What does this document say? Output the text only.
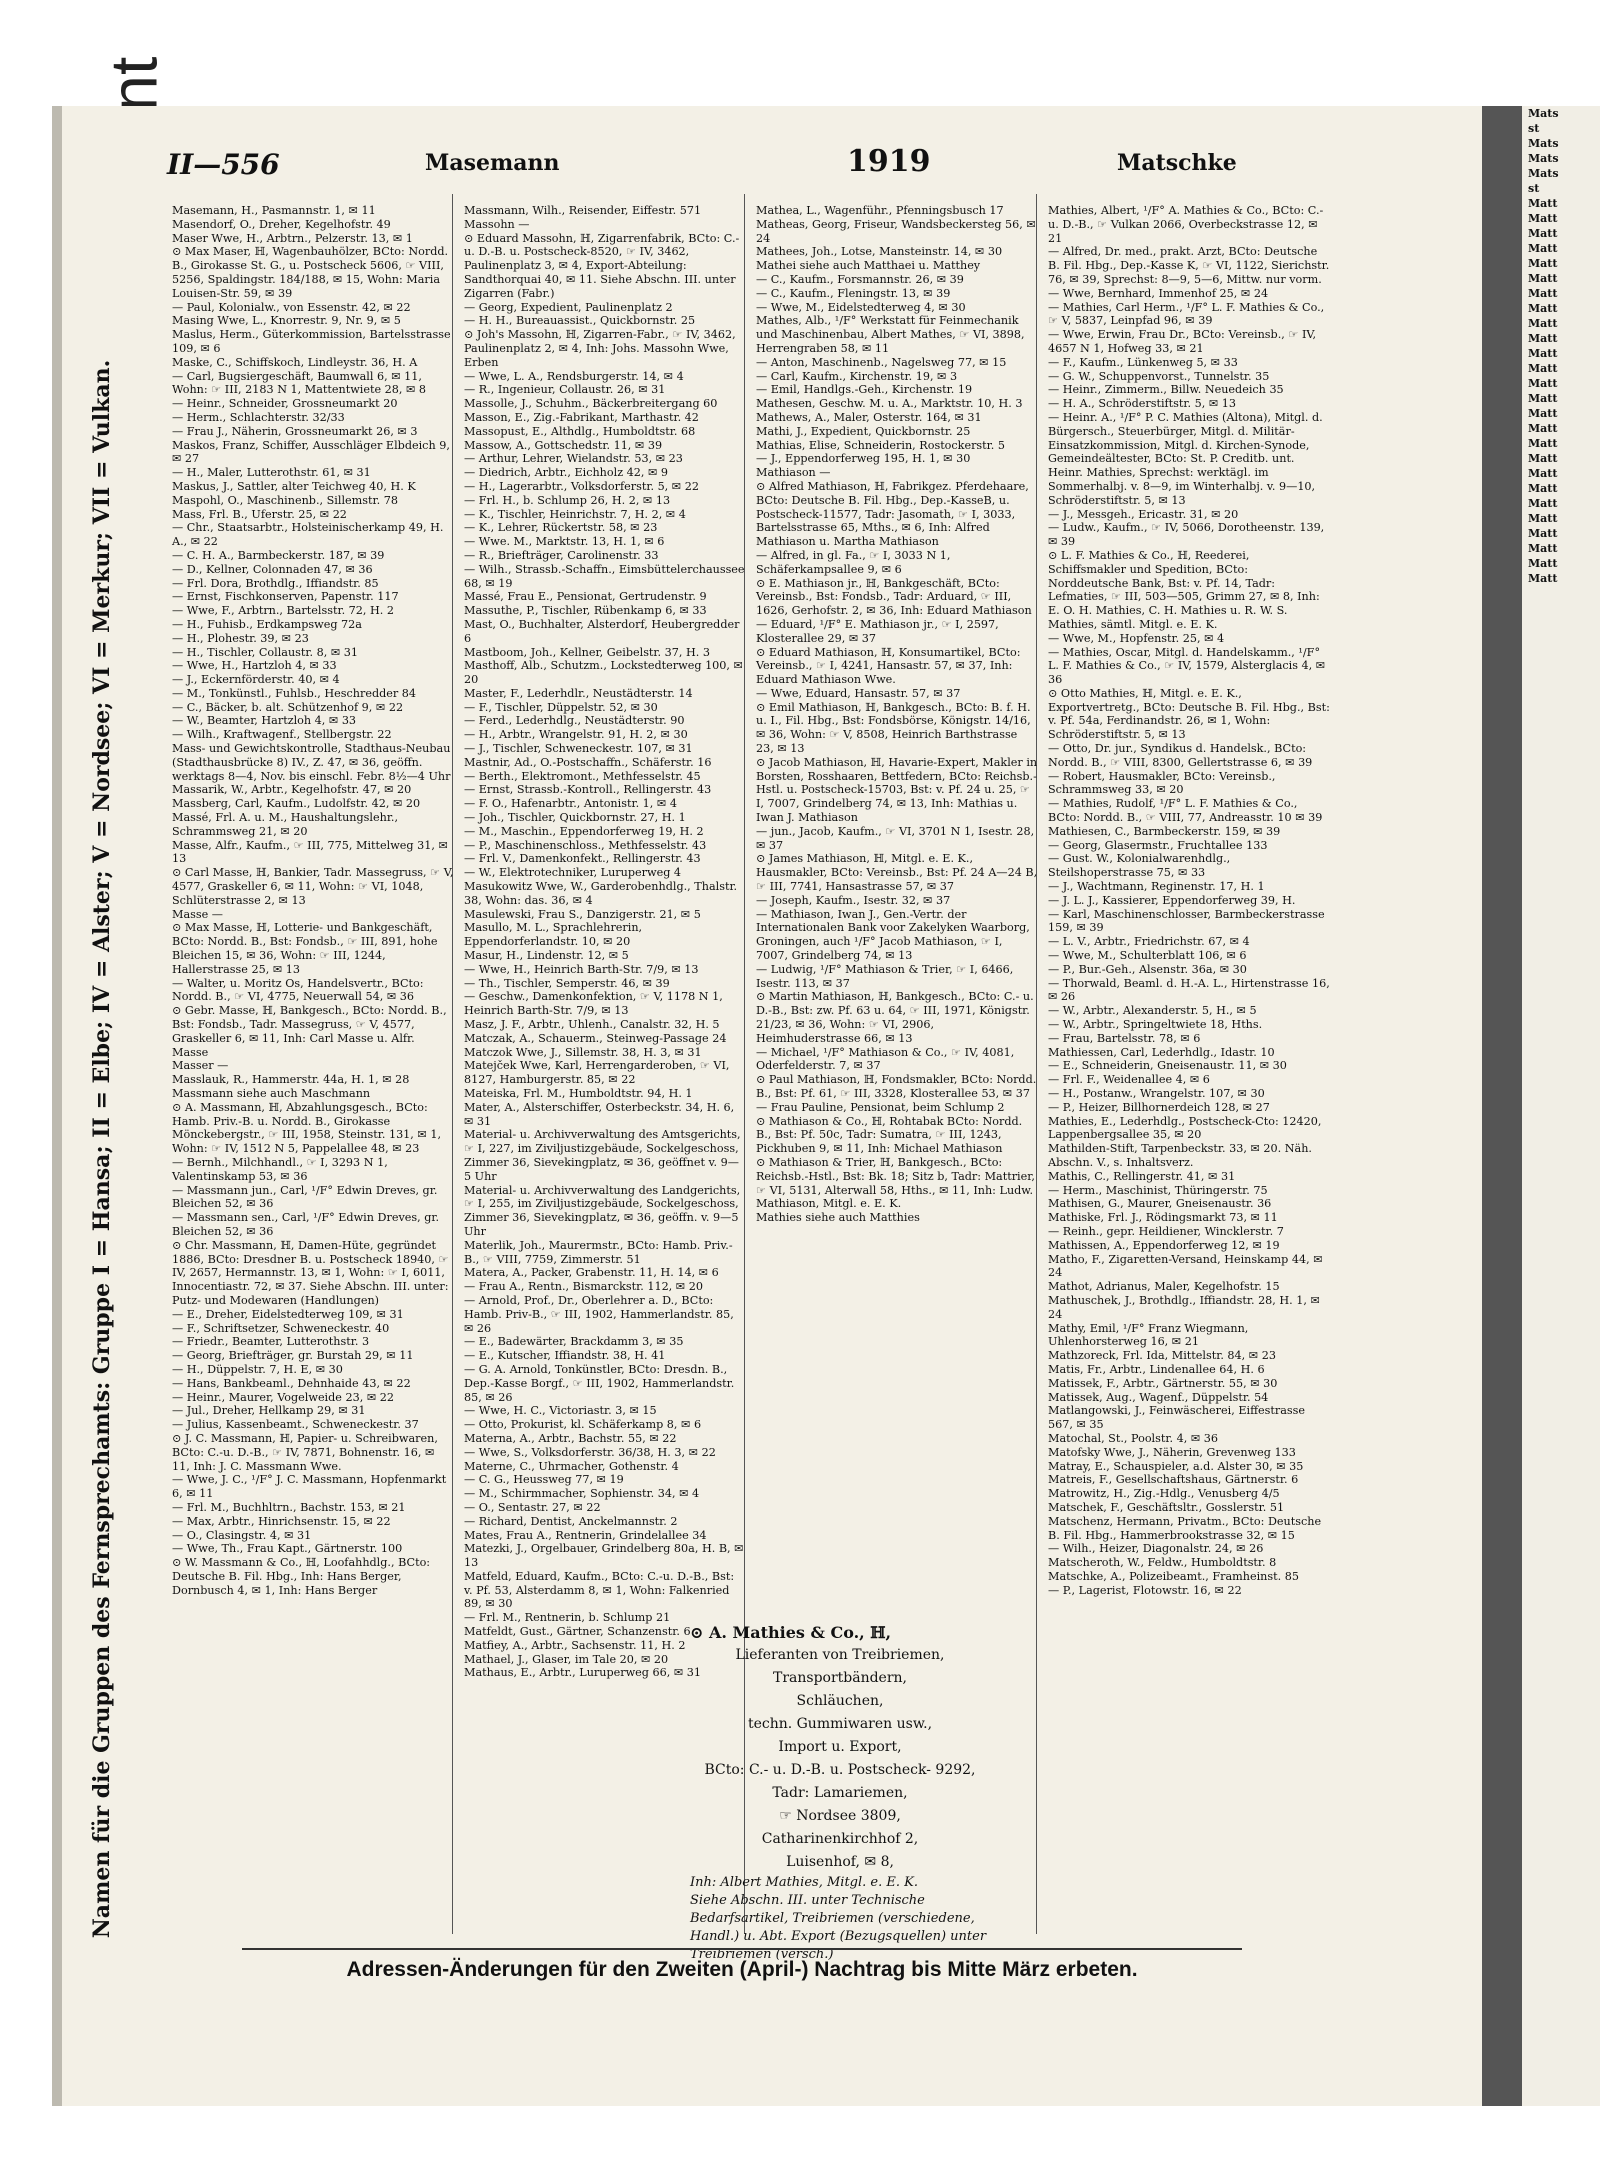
II—556	Masemann	1919	Matschke
Namen für die Gruppen des Fernsprechamts: Gruppe I = Hansa; II = Elbe; IV = Alster; V = Nordsee; VI = Merkur; VII = Vulkan.

Masemann, H., Pasmannstr. 1, ✉ 11

Masendorf, O., Dreher, Kegelhofstr. 49

Maser Wwe, H., Arbtrn., Pelzerstr. 13, ✉ 1

⊙ Max Maser, ℍ, Wagenbauhölzer, BCto: Nordd. B., Girokasse St. G., u. Postscheck 5606, ☞ VIII, 5256, Spaldingstr. 184/188, ✉ 15, Wohn: Maria Louisen-Str. 59, ✉ 39

— Paul, Kolonialw., von Essenstr. 42, ✉ 22

Masing Wwe, L., Knorrestr. 9, Nr. 9, ✉ 5

Maslus, Herm., Güterkommission, Bartelsstrasse 109, ✉ 6

Maske, C., Schiffskoch, Lindleystr. 36, H. A

— Carl, Bugsiergeschäft, Baumwall 6, ✉ 11, Wohn: ☞ III, 2183 N 1, Mattentwiete 28, ✉ 8

— Heinr., Schneider, Grossneumarkt 20

— Herm., Schlachterstr. 32/33

— Frau J., Näherin, Grossneumarkt 26, ✉ 3

Maskos, Franz, Schiffer, Ausschläger Elbdeich 9, ✉ 27

— H., Maler, Lutterothstr. 61, ✉ 31

Maskus, J., Sattler, alter Teichweg 40, H. K

Maspohl, O., Maschinenb., Sillemstr. 78

Mass, Frl. B., Uferstr. 25, ✉ 22

— Chr., Staatsarbtr., Holsteinischerkamp 49, H. A., ✉ 22

— C. H. A., Barmbeckerstr. 187, ✉ 39

— D., Kellner, Colonnaden 47, ✉ 36

— Frl. Dora, Brothdlg., Iffiandstr. 85

— Ernst, Fischkonserven, Papenstr. 117

— Wwe, F., Arbtrn., Bartelsstr. 72, H. 2

— H., Fuhisb., Erdkampsweg 72a

— H., Plohestr. 39, ✉ 23

— H., Tischler, Collaustr. 8, ✉ 31

— Wwe, H., Hartzloh 4, ✉ 33

— J., Eckernförderstr. 40, ✉ 4

— M., Tonkünstl., Fuhlsb., Heschredder 84

— C., Bäcker, b. alt. Schützenhof 9, ✉ 22

— W., Beamter, Hartzloh 4, ✉ 33

— Wilh., Kraftwagenf., Stellbergstr. 22

Mass- und Gewichtskontrolle, Stadthaus-Neubau (Stadthausbrücke 8) IV., Z. 47, ✉ 36, geöffn. werktags 8—4, Nov. bis einschl. Febr. 8½—4 Uhr

Massarik, W., Arbtr., Kegelhofstr. 47, ✉ 20

Massberg, Carl, Kaufm., Ludolfstr. 42, ✉ 20

Massé, Frl. A. u. M., Haushaltungslehr., Schrammsweg 21, ✉ 20

Masse, Alfr., Kaufm., ☞ III, 775, Mittelweg 31, ✉ 13

⊙ Carl Masse, ℍ, Bankier, Tadr. Massegruss, ☞ V, 4577, Graskeller 6, ✉ 11, Wohn: ☞ VI, 1048, Schlüterstrasse 2, ✉ 13

Masse —

⊙ Max Masse, ℍ, Lotterie- und Bankgeschäft, BCto: Nordd. B., Bst: Fondsb., ☞ III, 891, hohe Bleichen 15, ✉ 36, Wohn: ☞ III, 1244, Hallerstrasse 25, ✉ 13

— Walter, u. Moritz Os, Handelsvertr., BCto: Nordd. B., ☞ VI, 4775, Neuerwall 54, ✉ 36

⊙ Gebr. Masse, ℍ, Bankgesch., BCto: Nordd. B., Bst: Fondsb., Tadr. Massegruss, ☞ V, 4577, Graskeller 6, ✉ 11, Inh: Carl Masse u. Alfr. Masse

Masser —

Masslauk, R., Hammerstr. 44a, H. 1, ✉ 28

Massmann siehe auch Maschmann

⊙ A. Massmann, ℍ, Abzahlungsgesch., BCto: Hamb. Priv.-B. u. Nordd. B., Girokasse Mönckebergstr., ☞ III, 1958, Steinstr. 131, ✉ 1, Wohn: ☞ IV, 1512 N 5, Pappelallee 48, ✉ 23

— Bernh., Milchhandl., ☞ I, 3293 N 1, Valentinskamp 53, ✉ 36

— Massmann jun., Carl, ¹/F° Edwin Dreves, gr. Bleichen 52, ✉ 36

— Massmann sen., Carl, ¹/F° Edwin Dreves, gr. Bleichen 52, ✉ 36

⊙ Chr. Massmann, ℍ, Damen-Hüte, gegründet 1886, BCto: Dresdner B. u. Postscheck 18940, ☞ IV, 2657, Hermannstr. 13, ✉ 1, Wohn: ☞ I, 6011, Innocentiastr. 72, ✉ 37. Siehe Abschn. III. unter: Putz- und Modewaren (Handlungen)

— E., Dreher, Eidelstedterweg 109, ✉ 31

— F., Schriftsetzer, Schweneckestr. 40

— Friedr., Beamter, Lutterothstr. 3

— Georg, Briefträger, gr. Burstah 29, ✉ 11

— H., Düppelstr. 7, H. E, ✉ 30

— Hans, Bankbeaml., Dehnhaide 43, ✉ 22

— Heinr., Maurer, Vogelweide 23, ✉ 22

— Jul., Dreher, Hellkamp 29, ✉ 31

— Julius, Kassenbeamt., Schweneckestr. 37

⊙ J. C. Massmann, ℍ, Papier- u. Schreibwaren, BCto: C.-u. D.-B., ☞ IV, 7871, Bohnenstr. 16, ✉ 11, Inh: J. C. Massmann Wwe.

— Wwe, J. C., ¹/F° J. C. Massmann, Hopfenmarkt 6, ✉ 11

— Frl. M., Buchhltrn., Bachstr. 153, ✉ 21

— Max, Arbtr., Hinrichsenstr. 15, ✉ 22

— O., Clasingstr. 4, ✉ 31

— Wwe, Th., Frau Kapt., Gärtnerstr. 100

⊙ W. Massmann & Co., ℍ, Loofahhdlg., BCto: Deutsche B. Fil. Hbg., Inh: Hans Berger, Dornbusch 4, ✉ 1, Inh: Hans Berger

Massmann, Wilh., Reisender, Eiffestr. 571

Massohn —

⊙ Eduard Massohn, ℍ, Zigarrenfabrik, BCto: C.- u. D.-B. u. Postscheck-8520, ☞ IV, 3462, Paulinenplatz 3, ✉ 4, Export-Abteilung: Sandthorquai 40, ✉ 11. Siehe Abschn. III. unter Zigarren (Fabr.)

— Georg, Expedient, Paulinenplatz 2

— H. H., Bureauassist., Quickbornstr. 25

⊙ Joh's Massohn, ℍ, Zigarren-Fabr., ☞ IV, 3462, Paulinenplatz 2, ✉ 4, Inh: Johs. Massohn Wwe, Erben

— Wwe, L. A., Rendsburgerstr. 14, ✉ 4

— R., Ingenieur, Collaustr. 26, ✉ 31

Massolle, J., Schuhm., Bäckerbreitergang 60

Masson, E., Zig.-Fabrikant, Marthastr. 42

Massopust, E., Althdlg., Humboldtstr. 68

Massow, A., Gottschedstr. 11, ✉ 39

— Arthur, Lehrer, Wielandstr. 53, ✉ 23

— Diedrich, Arbtr., Eichholz 42, ✉ 9

— H., Lagerarbtr., Volksdorferstr. 5, ✉ 22

— Frl. H., b. Schlump 26, H. 2, ✉ 13

— K., Tischler, Heinrichstr. 7, H. 2, ✉ 4

— K., Lehrer, Rückertstr. 58, ✉ 23

— Wwe. M., Marktstr. 13, H. 1, ✉ 6

— R., Briefträger, Carolinenstr. 33

— Wilh., Strassb.-Schaffn., Eimsbüttelerchaussee 68, ✉ 19

Massé, Frau E., Pensionat, Gertrudenstr. 9

Massuthe, P., Tischler, Rübenkamp 6, ✉ 33

Mast, O., Buchhalter, Alsterdorf, Heubergredder 6

Mastboom, Joh., Kellner, Geibelstr. 37, H. 3

Masthoff, Alb., Schutzm., Lockstedterweg 100, ✉ 20

Master, F., Lederhdlr., Neustädterstr. 14

— F., Tischler, Düppelstr. 52, ✉ 30

— Ferd., Lederhdlg., Neustädterstr. 90

— H., Arbtr., Wrangelstr. 91, H. 2, ✉ 30

— J., Tischler, Schweneckestr. 107, ✉ 31

Mastnir, Ad., O.-Postschaffn., Schäferstr. 16

— Berth., Elektromont., Methfesselstr. 45

— Ernst, Strassb.-Kontroll., Rellingerstr. 43

— F. O., Hafenarbtr., Antonistr. 1, ✉ 4

— Joh., Tischler, Quickbornstr. 27, H. 1

— M., Maschin., Eppendorferweg 19, H. 2

— P., Maschinenschloss., Methfesselstr. 43

— Frl. V., Damenkonfekt., Rellingerstr. 43

— W., Elektrotechniker, Luruperweg 4

Masukowitz Wwe, W., Garderobenhdlg., Thalstr. 38, Wohn: das. 36, ✉ 4

Masulewski, Frau S., Danzigerstr. 21, ✉ 5

Masullo, M. L., Sprachlehrerin, Eppendorferlandstr. 10, ✉ 20

Masur, H., Lindenstr. 12, ✉ 5

— Wwe, H., Heinrich Barth-Str. 7/9, ✉ 13

— Th., Tischler, Semperstr. 46, ✉ 39

— Geschw., Damenkonfektion, ☞ V, 1178 N 1, Heinrich Barth-Str. 7/9, ✉ 13

Masz, J. F., Arbtr., Uhlenh., Canalstr. 32, H. 5

Matczak, A., Schauerm., Steinweg-Passage 24

Matczok Wwe, J., Sillemstr. 38, H. 3, ✉ 31

Matejček Wwe, Karl, Herrengarderoben, ☞ VI, 8127, Hamburgerstr. 85, ✉ 22

Mateiska, Frl. M., Humboldtstr. 94, H. 1

Mater, A., Alsterschiffer, Osterbeckstr. 34, H. 6, ✉ 31

Material- u. Archivverwaltung des Amtsgerichts, ☞ I, 227, im Ziviljustizgebäude, Sockelgeschoss, Zimmer 36, Sievekingplatz, ✉ 36, geöffnet v. 9—5 Uhr

Material- u. Archivverwaltung des Landgerichts, ☞ I, 255, im Ziviljustizgebäude, Sockelgeschoss, Zimmer 36, Sievekingplatz, ✉ 36, geöffn. v. 9—5 Uhr

Materlik, Joh., Maurermstr., BCto: Hamb. Priv.-B., ☞ VIII, 7759, Zimmerstr. 51

Matera, A., Packer, Grabenstr. 11, H. 14, ✉ 6

— Frau A., Rentn., Bismarckstr. 112, ✉ 20

— Arnold, Prof., Dr., Oberlehrer a. D., BCto: Hamb. Priv-B., ☞ III, 1902, Hammerlandstr. 85, ✉ 26

— E., Badewärter, Brackdamm 3, ✉ 35

— E., Kutscher, Iffiandstr. 38, H. 41

— G. A. Arnold, Tonkünstler, BCto: Dresdn. B., Dep.-Kasse Borgf., ☞ III, 1902, Hammerlandstr. 85, ✉ 26

— Wwe, H. C., Victoriastr. 3, ✉ 15

— Otto, Prokurist, kl. Schäferkamp 8, ✉ 6

Materna, A., Arbtr., Bachstr. 55, ✉ 22

— Wwe, S., Volksdorferstr. 36/38, H. 3, ✉ 22

Materne, C., Uhrmacher, Gothenstr. 4

— C. G., Heussweg 77, ✉ 19

— M., Schirmmacher, Sophienstr. 34, ✉ 4

— O., Sentastr. 27, ✉ 22

— Richard, Dentist, Anckelmannstr. 2

Mates, Frau A., Rentnerin, Grindelallee 34

Matezki, J., Orgelbauer, Grindelberg 80a, H. B, ✉ 13

Matfeld, Eduard, Kaufm., BCto: C.-u. D.-B., Bst: v. Pf. 53, Alsterdamm 8, ✉ 1, Wohn: Falkenried 89, ✉ 30

— Frl. M., Rentnerin, b. Schlump 21

Matfeldt, Gust., Gärtner, Schanzenstr. 6

Matfiey, A., Arbtr., Sachsenstr. 11, H. 2

Mathael, J., Glaser, im Tale 20, ✉ 20

Mathaus, E., Arbtr., Luruperweg 66, ✉ 31

Mathea, L., Wagenführ., Pfenningsbusch 17

Matheas, Georg, Friseur, Wandsbeckersteg 56, ✉ 24

Mathees, Joh., Lotse, Mansteinstr. 14, ✉ 30

Mathei siehe auch Matthaei u. Matthey

— C., Kaufm., Forsmannstr. 26, ✉ 39

— C., Kaufm., Fleningstr. 13, ✉ 39

— Wwe, M., Eidelstedterweg 4, ✉ 30

Mathes, Alb., ¹/F° Werkstatt für Feinmechanik und Maschinenbau, Albert Mathes, ☞ VI, 3898, Herrengraben 58, ✉ 11

— Anton, Maschinenb., Nagelsweg 77, ✉ 15

— Carl, Kaufm., Kirchenstr. 19, ✉ 3

— Emil, Handlgs.-Geh., Kirchenstr. 19

Mathesen, Geschw. M. u. A., Marktstr. 10, H. 3

Mathews, A., Maler, Osterstr. 164, ✉ 31

Mathi, J., Expedient, Quickbornstr. 25

Mathias, Elise, Schneiderin, Rostockerstr. 5

— J., Eppendorferweg 195, H. 1, ✉ 30

Mathiason —

⊙ Alfred Mathiason, ℍ, Fabrikgez. Pferdehaare, BCto: Deutsche B. Fil. Hbg., Dep.-KasseB, u. Postscheck-11577, Tadr: Jasomath, ☞ I, 3033, Bartelsstrasse 65, Mths., ✉ 6, Inh: Alfred Mathiason u. Martha Mathiason

— Alfred, in gl. Fa., ☞ I, 3033 N 1, Schäferkampsallee 9, ✉ 6

⊙ E. Mathiason jr., ℍ, Bankgeschäft, BCto: Vereinsb., Bst: Fondsb., Tadr: Arduard, ☞ III, 1626, Gerhofstr. 2, ✉ 36, Inh: Eduard Mathiason

— Eduard, ¹/F° E. Mathiason jr., ☞ I, 2597, Klosterallee 29, ✉ 37

⊙ Eduard Mathiason, ℍ, Konsumartikel, BCto: Vereinsb., ☞ I, 4241, Hansastr. 57, ✉ 37, Inh: Eduard Mathiason Wwe.

— Wwe, Eduard, Hansastr. 57, ✉ 37

⊙ Emil Mathiason, ℍ, Bankgesch., BCto: B. f. H. u. I., Fil. Hbg., Bst: Fondsbörse, Königstr. 14/16, ✉ 36, Wohn: ☞ V, 8508, Heinrich Barthstrasse 23, ✉ 13

⊙ Jacob Mathiason, ℍ, Havarie-Expert, Makler in Borsten, Rosshaaren, Bettfedern, BCto: Reichsb.-Hstl. u. Postscheck-15703, Bst: v. Pf. 24 u. 25, ☞ I, 7007, Grindelberg 74, ✉ 13, Inh: Mathias u. Iwan J. Mathiason

— jun., Jacob, Kaufm., ☞ VI, 3701 N 1, Isestr. 28, ✉ 37

⊙ James Mathiason, ℍ, Mitgl. e. E. K., Hausmakler, BCto: Vereinsb., Bst: Pf. 24 A—24 B, ☞ III, 7741, Hansastrasse 57, ✉ 37

— Joseph, Kaufm., Isestr. 32, ✉ 37

— Mathiason, Iwan J., Gen.-Vertr. der Internationalen Bank voor Zakelyken Waarborg, Groningen, auch ¹/F° Jacob Mathiason, ☞ I, 7007, Grindelberg 74, ✉ 13

— Ludwig, ¹/F° Mathiason & Trier, ☞ I, 6466, Isestr. 113, ✉ 37

⊙ Martin Mathiason, ℍ, Bankgesch., BCto: C.- u. D.-B., Bst: zw. Pf. 63 u. 64, ☞ III, 1971, Königstr. 21/23, ✉ 36, Wohn: ☞ VI, 2906, Heimhuderstrasse 66, ✉ 13

— Michael, ¹/F° Mathiason & Co., ☞ IV, 4081, Oderfelderstr. 7, ✉ 37

⊙ Paul Mathiason, ℍ, Fondsmakler, BCto: Nordd. B., Bst: Pf. 61, ☞ III, 3328, Klosterallee 53, ✉ 37

— Frau Pauline, Pensionat, beim Schlump 2

⊙ Mathiason & Co., ℍ, Rohtabak BCto: Nordd. B., Bst: Pf. 50c, Tadr: Sumatra, ☞ III, 1243, Pickhuben 9, ✉ 11, Inh: Michael Mathiason

⊙ Mathiason & Trier, ℍ, Bankgesch., BCto: Reichsb.-Hstl., Bst: Bk. 18; Sitz b, Tadr: Mattrier, ☞ VI, 5131, Alterwall 58, Hths., ✉ 11, Inh: Ludw. Mathiason, Mitgl. e. E. K.

Mathies siehe auch Matthies

Mathies, Albert, ¹/F° A. Mathies & Co., BCto: C.- u. D.-B., ☞ Vulkan 2066, Overbeckstrasse 12, ✉ 21

— Alfred, Dr. med., prakt. Arzt, BCto: Deutsche B. Fil. Hbg., Dep.-Kasse K, ☞ VI, 1122, Sierichstr. 76, ✉ 39, Sprechst: 8—9, 5—6, Mittw. nur vorm.

— Wwe, Bernhard, Immenhof 25, ✉ 24

— Mathies, Carl Herm., ¹/F° L. F. Mathies & Co., ☞ V, 5837, Leinpfad 96, ✉ 39

— Wwe, Erwin, Frau Dr., BCto: Vereinsb., ☞ IV, 4657 N 1, Hofweg 33, ✉ 21

— F., Kaufm., Lünkenweg 5, ✉ 33

— G. W., Schuppenvorst., Tunnelstr. 35

— Heinr., Zimmerm., Billw. Neuedeich 35

— H. A., Schröderstiftstr. 5, ✉ 13

— Heinr. A., ¹/F° P. C. Mathies (Altona), Mitgl. d. Bürgersch., Steuerbürger, Mitgl. d. Militär-Einsatzkommission, Mitgl. d. Kirchen-Synode, Gemeindeältester, BCto: St. P. Creditb. unt. Heinr. Mathies, Sprechst: werktägl. im Sommerhalbj. v. 8—9, im Winterhalbj. v. 9—10, Schröderstiftstr. 5, ✉ 13

— J., Messgeh., Ericastr. 31, ✉ 20

— Ludw., Kaufm., ☞ IV, 5066, Dorotheenstr. 139, ✉ 39

⊙ L. F. Mathies & Co., ℍ, Reederei, Schiffsmakler und Spedition, BCto: Norddeutsche Bank, Bst: v. Pf. 14, Tadr: Lefmaties, ☞ III, 503—505, Grimm 27, ✉ 8, Inh: E. O. H. Mathies, C. H. Mathies u. R. W. S. Mathies, sämtl. Mitgl. e. E. K.

— Wwe, M., Hopfenstr. 25, ✉ 4

— Mathies, Oscar, Mitgl. d. Handelskamm., ¹/F° L. F. Mathies & Co., ☞ IV, 1579, Alsterglacis 4, ✉ 36

⊙ Otto Mathies, ℍ, Mitgl. e. E. K., Exportvertretg., BCto: Deutsche B. Fil. Hbg., Bst: v. Pf. 54a, Ferdinandstr. 26, ✉ 1, Wohn: Schröderstiftstr. 5, ✉ 13

— Otto, Dr. jur., Syndikus d. Handelsk., BCto: Nordd. B., ☞ VIII, 8300, Gellertstrasse 6, ✉ 39

— Robert, Hausmakler, BCto: Vereinsb., Schrammsweg 33, ✉ 20

— Mathies, Rudolf, ¹/F° L. F. Mathies & Co., BCto: Nordd. B., ☞ VIII, 77, Andreasstr. 10 ✉ 39

Mathiesen, C., Barmbeckerstr. 159, ✉ 39

— Georg, Glasermstr., Fruchtallee 133

— Gust. W., Kolonialwarenhdlg., Steilshoperstrasse 75, ✉ 33

— J., Wachtmann, Reginenstr. 17, H. 1

— J. L. J., Kassierer, Eppendorferweg 39, H.

— Karl, Maschinenschlosser, Barmbeckerstrasse 159, ✉ 39

— L. V., Arbtr., Friedrichstr. 67, ✉ 4

— Wwe, M., Schulterblatt 106, ✉ 6

— P., Bur.-Geh., Alsenstr. 36a, ✉ 30

— Thorwald, Beaml. d. H.-A. L., Hirtenstrasse 16, ✉ 26

— W., Arbtr., Alexanderstr. 5, H., ✉ 5

— W., Arbtr., Springeltwiete 18, Hths.

— Frau, Bartelsstr. 78, ✉ 6

Mathiessen, Carl, Lederhdlg., Idastr. 10

— E., Schneiderin, Gneisenaustr. 11, ✉ 30

— Frl. F., Weidenallee 4, ✉ 6

— H., Postanw., Wrangelstr. 107, ✉ 30

— P., Heizer, Billhornerdeich 128, ✉ 27

Mathies, E., Lederhdlg., Postscheck-Cto: 12420, Lappenbergsallee 35, ✉ 20

Mathilden-Stift, Tarpenbeckstr. 33, ✉ 20. Näh. Abschn. V., s. Inhaltsverz.

Mathis, C., Rellingerstr. 41, ✉ 31

— Herm., Maschinist, Thüringerstr. 75

Mathisen, G., Maurer, Gneisenaustr. 36

Mathiske, Frl. J., Rödingsmarkt 73, ✉ 11

— Reinh., gepr. Heildiener, Wincklerstr. 7

Mathissen, A., Eppendorferweg 12, ✉ 19

Matho, F., Zigaretten-Versand, Heinskamp 44, ✉ 24

Mathot, Adrianus, Maler, Kegelhofstr. 15

Mathuschek, J., Brothdlg., Iffiandstr. 28, H. 1, ✉ 24

Mathy, Emil, ¹/F° Franz Wiegmann, Uhlenhorsterweg 16, ✉ 21

Mathzoreck, Frl. Ida, Mittelstr. 84, ✉ 23

Matis, Fr., Arbtr., Lindenallee 64, H. 6

Matissek, F., Arbtr., Gärtnerstr. 55, ✉ 30

Matissek, Aug., Wagenf., Düppelstr. 54

Matlangowski, J., Feinwäscherei, Eiffestrasse 567, ✉ 35

Matochal, St., Poolstr. 4, ✉ 36

Matofsky Wwe, J., Näherin, Grevenweg 133

Matray, E., Schauspieler, a.d. Alster 30, ✉ 35

Matreis, F., Gesellschaftshaus, Gärtnerstr. 6

Matrowitz, H., Zig.-Hdlg., Venusberg 4/5

Matschek, F., Geschäftsltr., Gosslerstr. 51

Matschenz, Hermann, Privatm., BCto: Deutsche B. Fil. Hbg., Hammerbrookstrasse 32, ✉ 15

— Wilh., Heizer, Diagonalstr. 24, ✉ 26

Matscheroth, W., Feldw., Humboldtstr. 8

Matschke, A., Polizeibeamt., Framheinst. 85

— P., Lagerist, Flotowstr. 16, ✉ 22

⊙ A. Mathies & Co., ℍ,
Lieferanten von Treibriemen,
Transportbändern,
Schläuchen,
techn. Gummiwaren usw.,
Import u. Export,
BCto: C.- u. D.-B. u. Postscheck- 9292,
Tadr: Lamariemen,
☞ Nordsee 3809,
Catharinenkirchhof 2,
Luisenhof, ✉ 8,
Inh: Albert Mathies, Mitgl. e. E. K.
Siehe Abschn. III. unter Technische Bedarfsartikel, Treibriemen (verschiedene, Handl.) u. Abt. Export (Bezugsquellen) unter Treibriemen (versch.)
Adressen-Änderungen für den Zweiten (April-) Nachtrag bis Mitte März erbeten.

Mats

st

Mats

Mats

Mats

st

Matt

Matt

Matt

Matt

Matt

Matt

Matt

Matt

Matt

Matt

Matt

Matt

Matt

Matt

Matt

Matt

Matt

Matt

Matt

Matt

Matt

Matt

Matt

Matt

Matt

Matt
